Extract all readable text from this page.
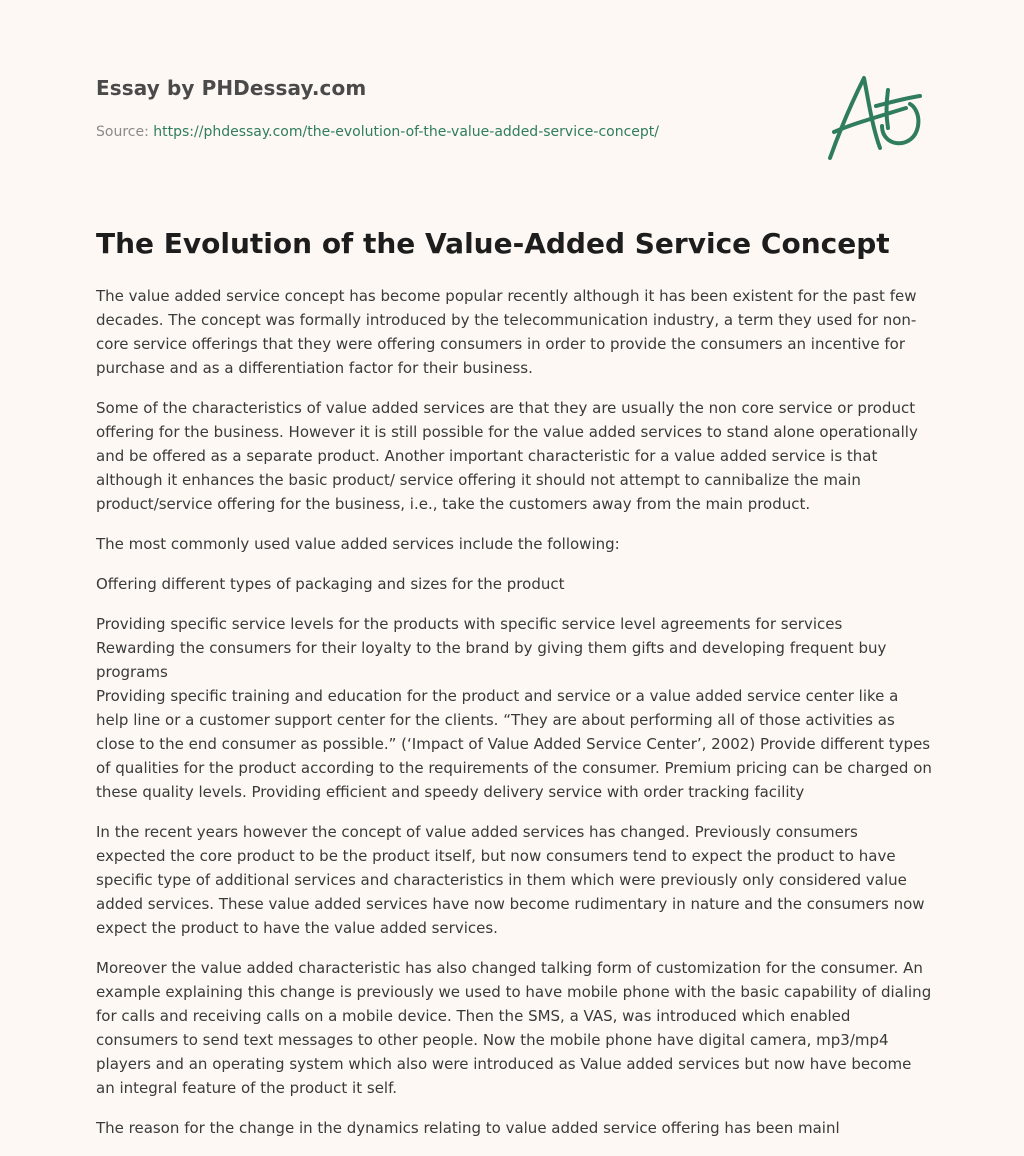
Essay by PHDessay.com
Source: https://phdessay.com/the-evolution-of-the-value-added-service-concept/
The Evolution of the Value-Added Service Concept

The value added service concept has become popular recently although it has been existent for the past few decades. The concept was formally introduced by the telecommunication industry, a term they used for non-core service offerings that they were offering consumers in order to provide the consumers an incentive for purchase and as a differentiation factor for their business.

Some of the characteristics of value added services are that they are usually the non core service or product offering for the business. However it is still possible for the value added services to stand alone operationally and be offered as a separate product. Another important characteristic for a value added service is that although it enhances the basic product/ service offering it should not attempt to cannibalize the main product/service offering for the business, i.e., take the customers away from the main product.

The most commonly used value added services include the following:

Offering different types of packaging and sizes for the product

Providing specific service levels for the products with specific service level agreements for services
Rewarding the consumers for their loyalty to the brand by giving them gifts and developing frequent buy programs
Providing specific training and education for the product and service or a value added service center like a help line or a customer support center for the clients. “They are about performing all of those activities as close to the end consumer as possible.” (‘Impact of Value Added Service Center’, 2002) Provide different types of qualities for the product according to the requirements of the consumer. Premium pricing can be charged on these quality levels. Providing efficient and speedy delivery service with order tracking facility

In the recent years however the concept of value added services has changed. Previously consumers expected the core product to be the product itself, but now consumers tend to expect the product to have specific type of additional services and characteristics in them which were previously only considered value added services. These value added services have now become rudimentary in nature and the consumers now expect the product to have the value added services.

Moreover the value added characteristic has also changed talking form of customization for the consumer. An example explaining this change is previously we used to have mobile phone with the basic capability of dialing for calls and receiving calls on a mobile device. Then the SMS, a VAS, was introduced which enabled consumers to send text messages to other people. Now the mobile phone have digital camera, mp3/mp4 players and an operating system which also were introduced as Value added services but now have become an integral feature of the product it self.

The reason for the change in the dynamics relating to value added service offering has been mainl
